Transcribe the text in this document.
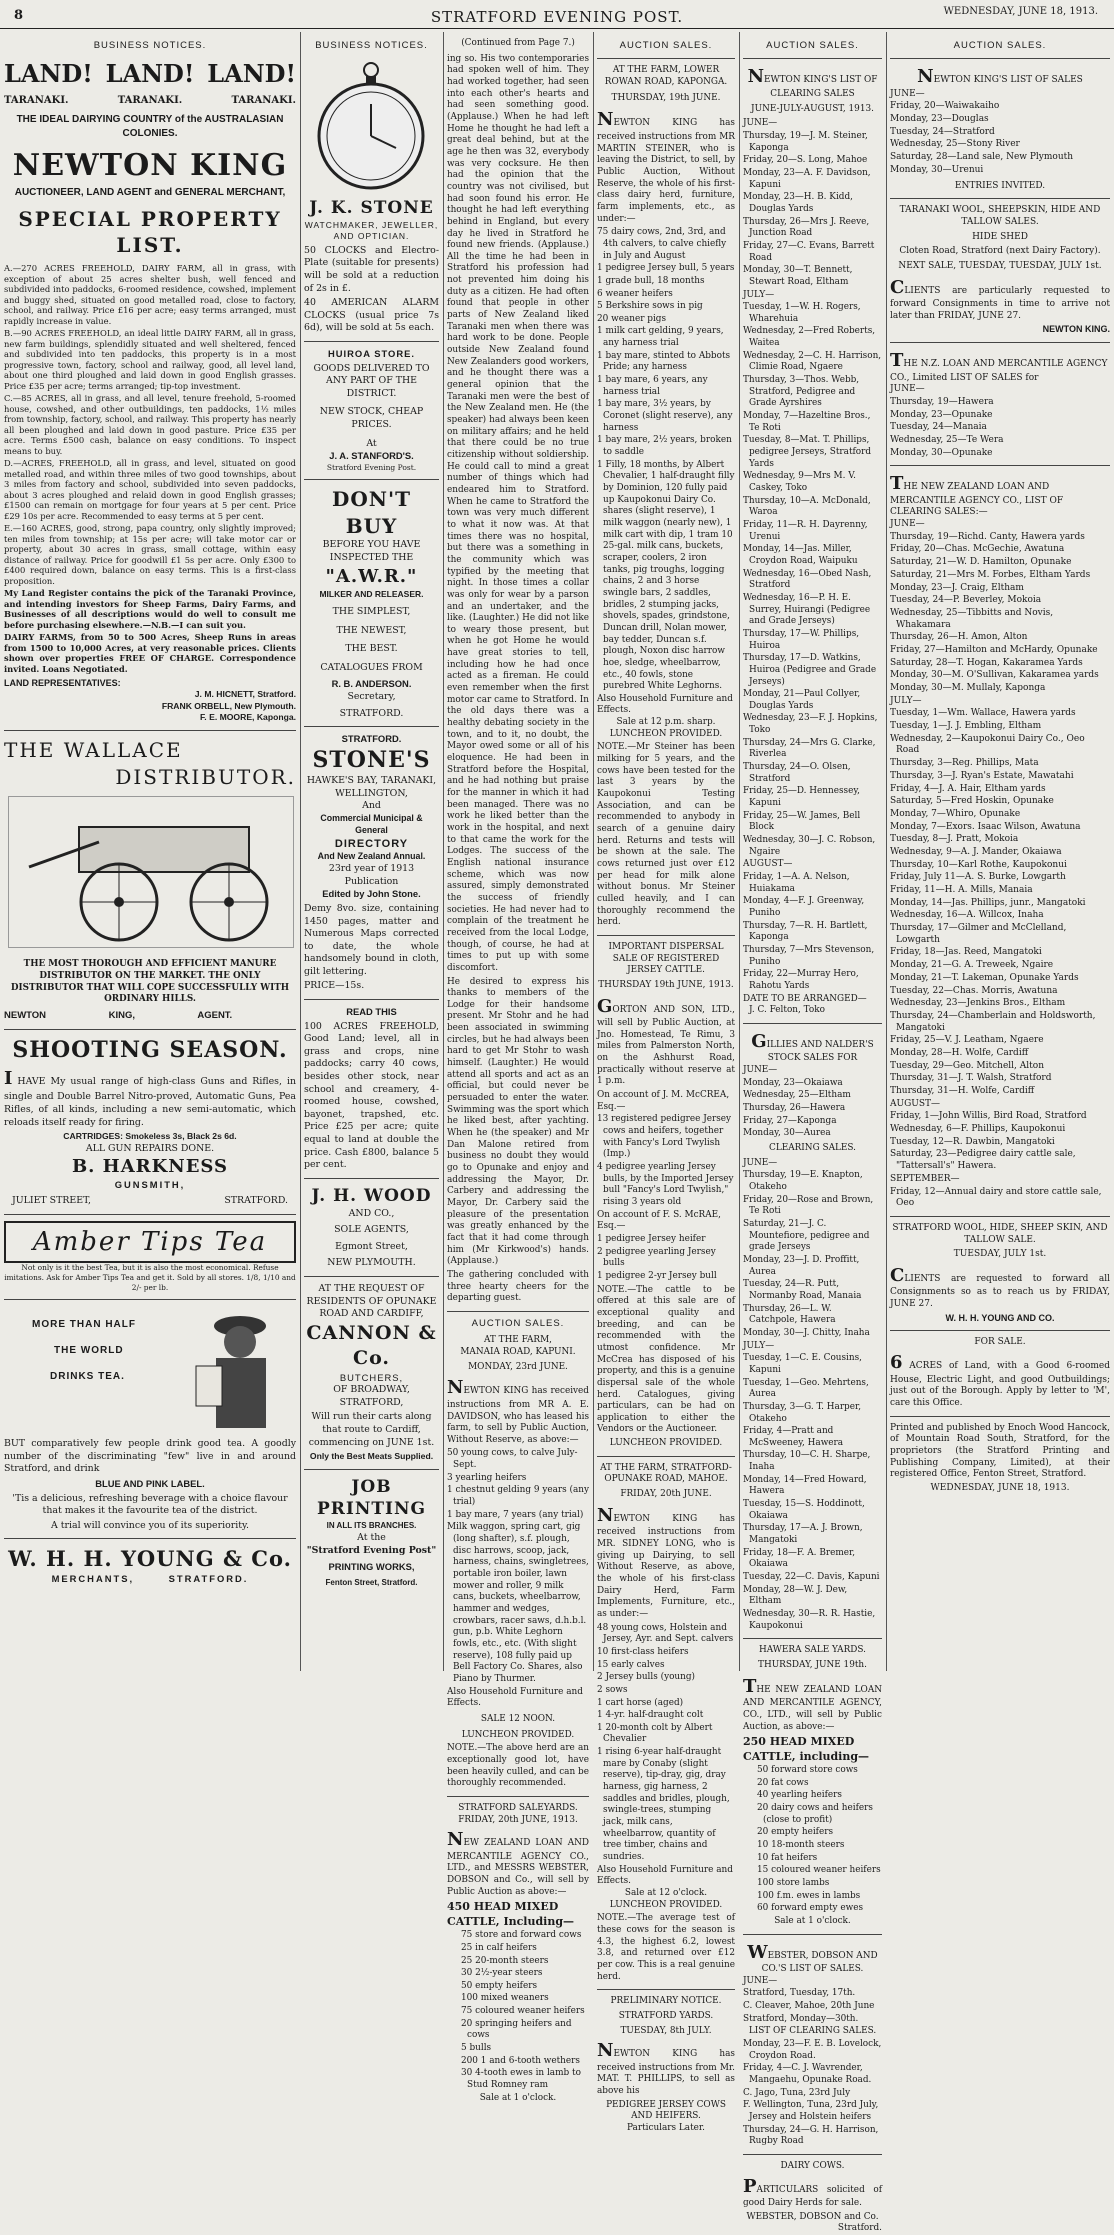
8	STRATFORD EVENING POST.	WEDNESDAY, JUNE 18, 1913.
BUSINESS NOTICES.
LAND! LAND! LAND!
TARANAKI.	TARANAKI.	TARANAKI.
THE IDEAL DAIRYING COUNTRY of the AUSTRALASIAN COLONIES.
NEWTON KING
AUCTIONEER, LAND AGENT and GENERAL MERCHANT,
SPECIAL PROPERTY LIST.

A.—270 ACRES FREEHOLD, DAIRY FARM, all in grass, with exception of about 25 acres shelter bush, well fenced and subdivided into paddocks, 6-roomed residence, cowshed, implement and buggy shed, situated on good metalled road, close to factory, school, and railway. Price £16 per acre; easy terms arranged, must rapidly increase in value.

B.—90 ACRES FREEHOLD, an ideal little DAIRY FARM, all in grass, new farm buildings, splendidly situated and well sheltered, fenced and subdivided into ten paddocks, this property is in a most progressive town, factory, school and railway, good, all level land, about one third ploughed and laid down in good English grasses. Price £35 per acre; terms arranged; tip-top investment.

C.—85 ACRES, all in grass, and all level, tenure freehold, 5-roomed house, cowshed, and other outbuildings, ten paddocks, 1½ miles from township, factory, school, and railway. This property has nearly all been ploughed and laid down in good pasture. Price £35 per acre. Terms £500 cash, balance on easy conditions. To inspect means to buy.

D.—ACRES, FREEHOLD, all in grass, and level, situated on good metalled road, and within three miles of two good townships, about 3 miles from factory and school, subdivided into seven paddocks, about 3 acres ploughed and relaid down in good English grasses; £1500 can remain on mortgage for four years at 5 per cent. Price £29 10s per acre. Recommended to easy terms at 5 per cent.

E.—160 ACRES, good, strong, papa country, only slightly improved; ten miles from township; at 15s per acre; will take motor car or property, about 30 acres in grass, small cottage, within easy distance of railway. Price for goodwill £1 5s per acre. Only £300 to £400 required down, balance on easy terms. This is a first-class proposition.

My Land Register contains the pick of the Taranaki Province, and intending investors for Sheep Farms, Dairy Farms, and Businesses of all descriptions would do well to consult me before purchasing elsewhere.—N.B.—I can suit you.

DAIRY FARMS, from 50 to 500 Acres, Sheep Runs in areas from 1500 to 10,000 Acres, at very reasonable prices. Clients shown over properties FREE OF CHARGE. Correspondence invited. Loans Negotiated.

LAND REPRESENTATIVES:
J. M. HICNETT, Stratford.
FRANK ORBELL, New Plymouth.
F. E. MOORE, Kaponga.
THE WALLACE
DISTRIBUTOR.
THE MOST THOROUGH AND EFFICIENT MANURE DISTRIBUTOR ON THE MARKET. THE ONLY DISTRIBUTOR THAT WILL COPE SUCCESSFULLY WITH ORDINARY HILLS.
NEWTON KING, AGENT.
SHOOTING SEASON.

I HAVE My usual range of high-class Guns and Rifles, in single and Double Barrel Nitro-proved, Automatic Guns, Pea Rifles, of all kinds, including a new semi-automatic, which reloads itself ready for firing.

CARTRIDGES: Smokeless 3s, Black 2s 6d.
ALL GUN REPAIRS DONE.
B. HARKNESS
GUNSMITH,
JULIET STREET,	STRATFORD.
Amber Tips Tea
Not only is it the best Tea, but it is also the most economical. Refuse imitations. Ask for Amber Tips Tea and get it. Sold by all stores. 1/8, 1/10 and 2/- per lb.
MORE THAN HALF
THE WORLD
DRINKS TEA.

BUT comparatively few people drink good tea. A goodly number of the discriminating "few" live in and around Stratford, and drink

BLUE AND PINK LABEL.

'Tis a delicious, refreshing beverage with a choice flavour that makes it the favourite tea of the district.

A trial will convince you of its superiority.

W. H. H. YOUNG & Co.
MERCHANTS, STRATFORD.
BUSINESS NOTICES.
J. K. STONE
WATCHMAKER, JEWELLER, AND OPTICIAN.

50 CLOCKS and Electro-Plate (suitable for presents) will be sold at a reduction of 2s in £.

40 AMERICAN ALARM CLOCKS (usual price 7s 6d), will be sold at 5s each.

HUIROA STORE.

GOODS DELIVERED TO ANY PART OF THE DISTRICT.

NEW STOCK, CHEAP PRICES.
At
J. A. STANFORD'S.
Stratford Evening Post.
DON'T BUY
BEFORE YOU HAVE INSPECTED THE
"A.W.R."
MILKER AND RELEASER.
THE SIMPLEST,
THE NEWEST,
THE BEST.
CATALOGUES FROM
R. B. ANDERSON.
Secretary,
STRATFORD.
STRATFORD.
STONE'S
HAWKE'S BAY, TARANAKI, WELLINGTON,
And
Commercial Municipal & General
DIRECTORY
And New Zealand Annual.
23rd year of 1913 Publication
Edited by John Stone.

Demy 8vo. size, containing 1450 pages, matter and Numerous Maps corrected to date, the whole handsomely bound in cloth, gilt lettering.

PRICE—15s.
READ THIS

100 ACRES FREEHOLD, Good Land; level, all in grass and crops, nine paddocks; carry 40 cows, besides other stock, near school and creamery, 4-roomed house, cowshed, bayonet, trapshed, etc. Price £25 per acre; quite equal to land at double the price. Cash £800, balance 5 per cent.

J. H. WOOD
AND CO.,
SOLE AGENTS,
Egmont Street,
NEW PLYMOUTH.
AT THE REQUEST OF RESIDENTS OF OPUNAKE ROAD AND CARDIFF,
CANNON & Co.
BUTCHERS,
OF BROADWAY, STRATFORD,

Will run their carts along that route to Cardiff, commencing on JUNE 1st.

Only the Best Meats Supplied.
JOB
PRINTING
IN ALL ITS BRANCHES.
At the
"Stratford Evening Post"
PRINTING WORKS,
Fenton Street, Stratford.
(Continued from Page 7.)

ing so. His two contemporaries had spoken well of him. They had worked together, had seen into each other's hearts and had seen something good. (Applause.) When he had left Home he thought he had left a great deal behind, but at the age he then was 32, everybody was very cocksure. He then had the opinion that the country was not civilised, but had soon found his error. He thought he had left everything behind in England, but every day he lived in Stratford he found new friends. (Applause.) All the time he had been in Stratford his profession had not prevented him doing his duty as a citizen. He had often found that people in other parts of New Zealand liked Taranaki men when there was hard work to be done. People outside New Zealand found New Zealanders good workers, and he thought there was a general opinion that the Taranaki men were the best of the New Zealand men. He (the speaker) had always been keen on military affairs; and he held that there could be no true citizenship without soldiership. He could call to mind a great number of things which had endeared him to Stratford. When he came to Stratford the town was very much different to what it now was. At that times there was no hospital, but there was a something in the community which was typified by the meeting that night. In those times a collar was only for wear by a parson and an undertaker, and the like. (Laughter.) He did not like to weary those present, but when he got Home he would have great stories to tell, including how he had once acted as a fireman. He could even remember when the first motor car came to Stratford. In the old days there was a healthy debating society in the town, and to it, no doubt, the Mayor owed some or all of his eloquence. He had been in Stratford before the Hospital, and he had nothing but praise for the manner in which it had been managed. There was no work he liked better than the work in the hospital, and next to that came the work for the Lodges. The success of the English national insurance scheme, which was now assured, simply demonstrated the success of friendly societies. He had never had to complain of the treatment he received from the local Lodge, though, of course, he had at times to put up with some discomfort.

He desired to express his thanks to members of the Lodge for their handsome present. Mr Stohr and he had been associated in swimming circles, but he had always been hard to get Mr Stohr to wash himself. (Laughter.) He would attend all sports and act as an official, but could never be persuaded to enter the water. Swimming was the sport which he liked best, after yachting. When he (the speaker) and Mr Dan Malone retired from business no doubt they would go to Opunake and enjoy and addressing the Mayor, Dr. Carbery and addressing the Mayor, Dr. Carbery said the pleasure of the presentation was greatly enhanced by the fact that it had come through him (Mr Kirkwood's) hands. (Applause.)

The gathering concluded with three hearty cheers for the departing guest.

AUCTION SALES.
AT THE FARM,
MANAIA ROAD, KAPUNI.
MONDAY, 23rd JUNE.

NEWTON KING has received instructions from MR A. E. DAVIDSON, who has leased his farm, to sell by Public Auction, Without Reserve, as above:—

50 young cows, to calve July-Sept.
3 yearling heifers
1 chestnut gelding 9 years (any trial)
1 bay mare, 7 years (any trial)
Milk waggon, spring cart, gig (long shafter), s.f. plough, disc harrows, scoop, jack, harness, chains, swingletrees, portable iron boiler, lawn mower and roller, 9 milk cans, buckets, wheelbarrow, hammer and wedges, crowbars, racer saws, d.h.b.l. gun, p.b. White Leghorn fowls, etc., etc. (With slight reserve), 108 fully paid up Bell Factory Co. Shares, also Piano by Thurmer.
Also Household Furniture and Effects.
SALE 12 NOON.
LUNCHEON PROVIDED.

NOTE.—The above herd are an exceptionally good lot, have been heavily culled, and can be thoroughly recommended.

STRATFORD SALEYARDS.
FRIDAY, 20th JUNE, 1913.

NEW ZEALAND LOAN AND MERCANTILE AGENCY CO., LTD., and MESSRS WEBSTER, DOBSON and Co., will sell by Public Auction as above:—

450 HEAD MIXED CATTLE, Including—
75 store and forward cows
25 in calf heifers
25 20-month steers
30 2½-year steers
50 empty heifers
100 mixed weaners
75 coloured weaner heifers
20 springing heifers and cows
5 bulls
200 1 and 6-tooth wethers
30 4-tooth ewes in lamb to Stud Romney ram
Sale at 1 o'clock.
AUCTION SALES.
AT THE FARM, LOWER ROWAN ROAD, KAPONGA.
THURSDAY, 19th JUNE.

NEWTON KING has received instructions from MR MARTIN STEINER, who is leaving the District, to sell, by Public Auction, Without Reserve, the whole of his first-class dairy herd, furniture, farm implements, etc., as under:—

75 dairy cows, 2nd, 3rd, and 4th calvers, to calve chiefly in July and August
1 pedigree Jersey bull, 5 years
1 grade bull, 18 months
6 weaner heifers
5 Berkshire sows in pig
20 weaner pigs
1 milk cart gelding, 9 years, any harness trial
1 bay mare, stinted to Abbots Pride; any harness
1 bay mare, 6 years, any harness trial
1 bay mare, 3½ years, by Coronet (slight reserve), any harness
1 bay mare, 2½ years, broken to saddle
1 Filly, 18 months, by Albert Chevalier, 1 half-draught filly by Dominion, 120 fully paid up Kaupokonui Dairy Co. shares (slight reserve), 1 milk waggon (nearly new), 1 milk cart with dip, 1 tram 10 25-gal. milk cans, buckets, scraper, coolers, 2 iron tanks, pig troughs, logging chains, 2 and 3 horse swingle bars, 2 saddles, bridles, 2 stumping jacks, shovels, spades, grindstone, Duncan drill, Nolan mower, bay tedder, Duncan s.f. plough, Noxon disc harrow hoe, sledge, wheelbarrow, etc., 40 fowls, stone purebred White Leghorns.
Also Household Furniture and Effects.
Sale at 12 p.m. sharp.
LUNCHEON PROVIDED.

NOTE.—Mr Steiner has been milking for 5 years, and the cows have been tested for the last 3 years by the Kaupokonui Testing Association, and can be recommended to anybody in search of a genuine dairy herd. Returns and tests will be shown at the sale. The cows returned just over £12 per head for milk alone without bonus. Mr Steiner culled heavily, and I can thoroughly recommend the herd.

IMPORTANT DISPERSAL SALE OF REGISTERED JERSEY CATTLE.
THURSDAY 19th JUNE, 1913.

GORTON AND SON, LTD., will sell by Public Auction, at Jno. Homestead, Te Rimu, 3 miles from Palmerston North, on the Ashhurst Road, practically without reserve at 1 p.m.

On account of J. M. McCREA, Esq.—
13 registered pedigree Jersey cows and heifers, together with Fancy's Lord Twylish (Imp.)
4 pedigree yearling Jersey bulls, by the Imported Jersey bull "Fancy's Lord Twylish," rising 3 years old
On account of F. S. McRAE, Esq.—
1 pedigree Jersey heifer
2 pedigree yearling Jersey bulls
1 pedigree 2-yr Jersey bull

NOTE.—The cattle to be offered at this sale are of exceptional quality and breeding, and can be recommended with the utmost confidence. Mr McCrea has disposed of his property, and this is a genuine dispersal sale of the whole herd. Catalogues, giving particulars, can be had on application to either the Vendors or the Auctioneer.

LUNCHEON PROVIDED.
AT THE FARM, STRATFORD-OPUNAKE ROAD, MAHOE.
FRIDAY, 20th JUNE.

NEWTON KING has received instructions from MR. SIDNEY LONG, who is giving up Dairying, to sell Without Reserve, as above, the whole of his first-class Dairy Herd, Farm Implements, Furniture, etc., as under:—

48 young cows, Holstein and Jersey, Ayr. and Sept. calvers
10 first-class heifers
15 early calves
2 Jersey bulls (young)
2 sows
1 cart horse (aged)
1 4-yr. half-draught colt
1 20-month colt by Albert Chevalier
1 rising 6-year half-draught mare by Conaby (slight reserve), tip-dray, gig, dray harness, gig harness, 2 saddles and bridles, plough, swingle-trees, stumping jack, milk cans, wheelbarrow, quantity of tree timber, chains and sundries.
Also Household Furniture and Effects.
Sale at 12 o'clock.
LUNCHEON PROVIDED.

NOTE.—The average test of these cows for the season is 4.3, the highest 6.2, lowest 3.8, and returned over £12 per cow. This is a real genuine herd.

PRELIMINARY NOTICE.
STRATFORD YARDS.
TUESDAY, 8th JULY.

NEWTON KING has received instructions from Mr. MAT. T. PHILLIPS, to sell as above his

PEDIGREE JERSEY COWS AND HEIFERS.
Particulars Later.
AUCTION SALES.
NEWTON KING'S LIST OF CLEARING SALES
JUNE-JULY-AUGUST, 1913.
JUNE—
Thursday, 19—J. M. Steiner, Kaponga
Friday, 20—S. Long, Mahoe
Monday, 23—A. F. Davidson, Kapuni
Monday, 23—H. B. Kidd, Douglas Yards
Thursday, 26—Mrs J. Reeve, Junction Road
Friday, 27—C. Evans, Barrett Road
Monday, 30—T. Bennett, Stewart Road, Eltham
JULY—
Tuesday, 1—W. H. Rogers, Wharehuia
Wednesday, 2—Fred Roberts, Waitea
Wednesday, 2—C. H. Harrison, Climie Road, Ngaere
Thursday, 3—Thos. Webb, Stratford, Pedigree and Grade Ayrshires
Monday, 7—Hazeltine Bros., Te Roti
Tuesday, 8—Mat. T. Phillips, pedigree Jerseys, Stratford Yards
Wednesday, 9—Mrs M. V. Caskey, Toko
Thursday, 10—A. McDonald, Waroa
Friday, 11—R. H. Dayrenny, Urenui
Monday, 14—Jas. Miller, Croydon Road, Waipuku
Wednesday, 16—Obed Nash, Stratford
Wednesday, 16—P. H. E. Surrey, Huirangi (Pedigree and Grade Jerseys)
Thursday, 17—W. Phillips, Huiroa
Thursday, 17—D. Watkins, Huiroa (Pedigree and Grade Jerseys)
Monday, 21—Paul Collyer, Douglas Yards
Wednesday, 23—F. J. Hopkins, Toko
Thursday, 24—Mrs G. Clarke, Riverlea
Thursday, 24—O. Olsen, Stratford
Friday, 25—D. Hennessey, Kapuni
Friday, 25—W. James, Bell Block
Wednesday, 30—J. C. Robson, Ngaire
AUGUST—
Friday, 1—A. A. Nelson, Huiakama
Monday, 4—F. J. Greenway, Puniho
Thursday, 7—R. H. Bartlett, Kaponga
Thursday, 7—Mrs Stevenson, Puniho
Friday, 22—Murray Hero, Rahotu Yards
DATE TO BE ARRANGED—
J. C. Felton, Toko
GILLIES AND NALDER'S STOCK SALES FOR
JUNE—
Monday, 23—Okaiawa
Wednesday, 25—Eltham
Thursday, 26—Hawera
Friday, 27—Kaponga
Monday, 30—Aurea
CLEARING SALES.
JUNE—
Thursday, 19—E. Knapton, Otakeho
Friday, 20—Rose and Brown, Te Roti
Saturday, 21—J. C. Mountefiore, pedigree and grade Jerseys
Monday, 23—J. D. Proffitt, Aurea
Tuesday, 24—R. Putt, Normanby Road, Manaia
Thursday, 26—L. W. Catchpole, Hawera
Monday, 30—J. Chitty, Inaha
JULY—
Tuesday, 1—C. E. Cousins, Kapuni
Tuesday, 1—Geo. Mehrtens, Aurea
Thursday, 3—G. T. Harper, Otakeho
Friday, 4—Pratt and McSweeney, Hawera
Thursday, 10—C. H. Sharpe, Inaha
Monday, 14—Fred Howard, Hawera
Tuesday, 15—S. Hoddinott, Okaiawa
Thursday, 17—A. J. Brown, Mangatoki
Friday, 18—F. A. Bremer, Okaiawa
Tuesday, 22—C. Davis, Kapuni
Monday, 28—W. J. Dew, Eltham
Wednesday, 30—R. R. Hastie, Kaupokonui
HAWERA SALE YARDS.
THURSDAY, JUNE 19th.

THE NEW ZEALAND LOAN AND MERCANTILE AGENCY, CO., LTD., will sell by Public Auction, as above:—

250 HEAD MIXED CATTLE, including—
50 forward store cows
20 fat cows
40 yearling heifers
20 dairy cows and heifers (close to profit)
20 empty heifers
10 18-month steers
10 fat heifers
15 coloured weaner heifers
100 store lambs
100 f.m. ewes in lambs
60 forward empty ewes
Sale at 1 o'clock.
WEBSTER, DOBSON AND CO.'S LIST OF SALES.
JUNE—
Stratford, Tuesday, 17th.
C. Cleaver, Mahoe, 20th June
Stratford, Monday—30th.
LIST OF CLEARING SALES.
Monday, 23—F. E. B. Lovelock, Croydon Road.
Friday, 4—C. J. Wavrender, Mangaehu, Opunake Road.
C. Jago, Tuna, 23rd July
F. Wellington, Tuna, 23rd July, Jersey and Holstein heifers
Thursday, 24—G. H. Harrison, Rugby Road
DAIRY COWS.

PARTICULARS solicited of good Dairy Herds for sale.

WEBSTER, DOBSON and Co.
Stratford.
AUCTION SALES.
NEWTON KING'S LIST OF SALES
JUNE—
Friday, 20—Waiwakaiho
Monday, 23—Douglas
Tuesday, 24—Stratford
Wednesday, 25—Stony River
Saturday, 28—Land sale, New Plymouth
Monday, 30—Urenui
ENTRIES INVITED.
TARANAKI WOOL, SHEEPSKIN, HIDE AND TALLOW SALES.
HIDE SHED
Cloten Road, Stratford (next Dairy Factory).
NEXT SALE, TUESDAY, TUESDAY, JULY 1st.

CLIENTS are particularly requested to forward Consignments in time to arrive not later than FRIDAY, JUNE 27.

NEWTON KING.
THE N.Z. LOAN AND MERCANTILE AGENCY CO., Limited LIST OF SALES for
JUNE—
Thursday, 19—Hawera
Monday, 23—Opunake
Tuesday, 24—Manaia
Wednesday, 25—Te Wera
Monday, 30—Opunake
THE NEW ZEALAND LOAN AND MERCANTILE AGENCY CO., LIST OF CLEARING SALES:—
JUNE—
Thursday, 19—Richd. Canty, Hawera yards
Friday, 20—Chas. McGechie, Awatuna
Saturday, 21—W. D. Hamilton, Opunake
Saturday, 21—Mrs M. Forbes, Eltham Yards
Monday, 23—J. Craig, Eltham
Tuesday, 24—P. Beverley, Mokoia
Wednesday, 25—Tibbitts and Novis, Whakamara
Thursday, 26—H. Amon, Alton
Friday, 27—Hamilton and McHardy, Opunake
Saturday, 28—T. Hogan, Kakaramea Yards
Monday, 30—M. O'Sullivan, Kakaramea yards
Monday, 30—M. Mullaly, Kaponga
JULY—
Tuesday, 1—Wm. Wallace, Hawera yards
Tuesday, 1—J. J. Embling, Eltham
Wednesday, 2—Kaupokonui Dairy Co., Oeo Road
Thursday, 3—Reg. Phillips, Mata
Thursday, 3—J. Ryan's Estate, Mawatahi
Friday, 4—J. A. Hair, Eltham yards
Saturday, 5—Fred Hoskin, Opunake
Monday, 7—Whiro, Opunake
Monday, 7—Exors. Isaac Wilson, Awatuna
Tuesday, 8—J. Pratt, Mokoia
Wednesday, 9—A. J. Mander, Okaiawa
Thursday, 10—Karl Rothe, Kaupokonui
Friday, July 11—A. S. Burke, Lowgarth
Friday, 11—H. A. Mills, Manaia
Monday, 14—Jas. Phillips, junr., Mangatoki
Wednesday, 16—A. Willcox, Inaha
Thursday, 17—Gilmer and McClelland, Lowgarth
Friday, 18—Jas. Reed, Mangatoki
Monday, 21—G. A. Treweek, Ngaire
Monday, 21—T. Lakeman, Opunake Yards
Tuesday, 22—Chas. Morris, Awatuna
Wednesday, 23—Jenkins Bros., Eltham
Thursday, 24—Chamberlain and Holdsworth, Mangatoki
Friday, 25—V. J. Leatham, Ngaere
Monday, 28—H. Wolfe, Cardiff
Tuesday, 29—Geo. Mitchell, Alton
Thursday, 31—J. T. Walsh, Stratford
Thursday, 31—H. Wolfe, Cardiff
AUGUST—
Friday, 1—John Willis, Bird Road, Stratford
Wednesday, 6—F. Phillips, Kaupokonui
Tuesday, 12—R. Dawbin, Mangatoki
Saturday, 23—Pedigree dairy cattle sale, "Tattersall's" Hawera.
SEPTEMBER—
Friday, 12—Annual dairy and store cattle sale, Oeo
STRATFORD WOOL, HIDE, SHEEP SKIN, AND TALLOW SALE.
TUESDAY, JULY 1st.

CLIENTS are requested to forward all Consignments so as to reach us by FRIDAY, JUNE 27.

W. H. H. YOUNG AND CO.
FOR SALE.

6 ACRES of Land, with a Good 6-roomed House, Electric Light, and good Outbuildings; just out of the Borough. Apply by letter to 'M', care this Office.

Printed and published by Enoch Wood Hancock, of Mountain Road South, Stratford, for the proprietors (the Stratford Printing and Publishing Company, Limited), at their registered Office, Fenton Street, Stratford.

WEDNESDAY, JUNE 18, 1913.
